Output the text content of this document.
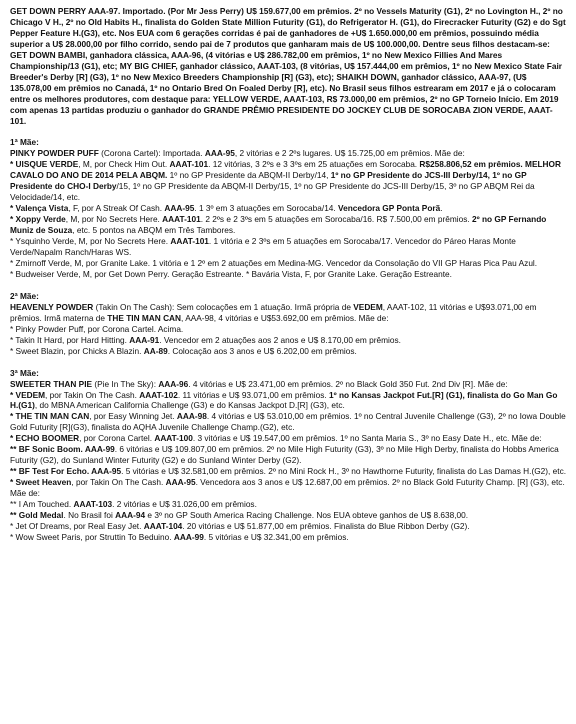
GET DOWN PERRY AAA-97. Importado. (Por Mr Jess Perry) U$ 159.677,00 em prêmios. 2º no Vessels Maturity (G1), 2º no Lovington H., 2º no Chicago V H., 2º no Old Habits H., finalista do Golden State Million Futurity (G1), do Refrigerator H. (G1), do Firecracker Futurity (G2) e do Sgt Pepper Feature H.(G3), etc. Nos EUA com 6 gerações corridas é pai de ganhadores de +U$ 1.650.000,00 em prêmios, possuindo média superior a U$ 28.000,00 por filho corrido, sendo pai de 7 produtos que ganharam mais de U$ 100.000,00. Dentre seus filhos destacam-se: GET DOWN BAMBI, ganhadora clássica, AAA-96, (4 vitórias e U$ 286.782,00 em prêmios, 1º no New Mexico Fillies And Mares Championship/13 (G1), etc; MY BIG CHIEF, ganhador clássico, AAAT-103, (8 vitórias, U$ 157.444,00 em prêmios, 1º no New Mexico State Fair Breeder's Derby [R] (G3), 1º no New Mexico Breeders Championship [R] (G3), etc); SHAIKH DOWN, ganhador clássico, AAA-97, (U$ 135.078,00 em prêmios no Canadá, 1º no Ontario Bred On Foaled Derby [R], etc). No Brasil seus filhos estrearam em 2017 e já o colocaram entre os melhores produtores, com destaque para: YELLOW VERDE, AAAT-103, R$ 73.000,00 em prêmios, 2º no GP Torneio Início. Em 2019 com apenas 13 partidas produziu o ganhador do GRANDE PRÊMIO PRESIDENTE DO JOCKEY CLUB DE SOROCABA ZION VERDE, AAAT-101.

1ª Mãe:

PINKY POWDER PUFF (Corona Cartel): Importada. AAA-95, 2 vitórias e 2 2ºs lugares. U$ 15.725,00 em prêmios. Mãe de:

* UISQUE VERDE, M, por Check Him Out. AAAT-101. 12 vitórias, 3 2ºs e 3 3ºs em 25 atuações em Sorocaba. R$258.806,52 em prêmios. MELHOR CAVALO DO ANO DE 2014 PELA ABQM. 1º no GP Presidente da ABQM-II Derby/14, 1º no GP Presidente do JCS-III Derby/14, 1º no GP Presidente do CHO-I Derby/15, 1º no GP Presidente da ABQM-II Derby/15, 1º no GP Presidente do JCS-III Derby/15, 3º no GP ABQM Rei da Velocidade/14, etc.

* Valença Vista, F, por A Streak Of Cash. AAA-95. 1 3º em 3 atuações em Sorocaba/14. Vencedora GP Ponta Porã.

* Xoppy Verde, M, por No Secrets Here. AAAT-101. 2 2ºs e 2 3ºs em 5 atuações em Sorocaba/16. R$ 7.500,00 em prêmios. 2º no GP Fernando Muniz de Souza, etc. 5 pontos na ABQM em Três Tambores.

* Ysquinho Verde, M, por No Secrets Here. AAAT-101. 1 vitória e 2 3ºs em 5 atuações em Sorocaba/17. Vencedor do Páreo Haras Monte Verde/Napalm Ranch/Haras WS.

* Zmirnoff Verde, M, por Granite Lake. 1 vitória e 1 2º em 2 atuações em Medina-MG. Vencedor da Consolação do VII GP Haras Pica Pau Azul.

* Budweiser Verde, M, por Get Down Perry. Geração Estreante. * Bavária Vista, F, por Granite Lake. Geração Estreante.

2ª Mãe:

HEAVENLY POWDER (Takin On The Cash): Sem colocações em 1 atuação. Irmã própria de VEDEM, AAAT-102, 11 vitórias e U$93.071,00 em prêmios. Irmã materna de THE TIN MAN CAN, AAA-98, 4 vitórias e U$53.692,00 em prêmios. Mãe de:

* Pinky Powder Puff, por Corona Cartel. Acima.

* Takin It Hard, por Hard Hitting. AAA-91. Vencedor em 2 atuações aos 2 anos e U$ 8.170,00 em prêmios.

* Sweet Blazin, por Chicks A Blazin. AA-89. Colocação aos 3 anos e U$ 6.202,00 em prêmios.

3ª Mãe:

SWEETER THAN PIE (Pie In The Sky): AAA-96. 4 vitórias e U$ 23.471,00 em prêmios. 2º no Black Gold 350 Fut. 2nd Div [R]. Mãe de:

* VEDEM, por Takin On The Cash. AAAT-102. 11 vitórias e U$ 93.071,00 em prêmios. 1º no Kansas Jackpot Fut.[R] (G1), finalista do Go Man Go H.(G1), do MBNA American California Challenge (G3) e do Kansas Jackpot D.[R] (G3), etc.

* THE TIN MAN CAN, por Easy Winning Jet. AAA-98. 4 vitórias e U$ 53.010,00 em prêmios. 1º no Central Juvenile Challenge (G3), 2º no Iowa Double Gold Futurity [R](G3), finalista do AQHA Juvenile Challenge Champ.(G2), etc.

* ECHO BOOMER, por Corona Cartel. AAAT-100. 3 vitórias e U$ 19.547,00 em prêmios. 1º no Santa Maria S., 3º no Easy Date H., etc. Mãe de:

** BF Sonic Boom. AAA-99. 6 vitórias e U$ 109.807,00 em prêmios. 2º no Mile High Futurity (G3), 3º no Mile High Derby, finalista do Hobbs America Futurity (G2), do Sunland Winter Futurity (G2) e do Sunland Winter Derby (G2).

** BF Test For Echo. AAA-95. 5 vitórias e U$ 32.581,00 em prêmios. 2º no Mini Rock H., 3º no Hawthorne Futurity, finalista do Las Damas H.(G2), etc.

* Sweet Heaven, por Takin On The Cash. AAA-95. Vencedora aos 3 anos e U$ 12.687,00 em prêmios. 2º no Black Gold Futurity Champ. [R] (G3), etc. Mãe de:

** I Am Touched. AAAT-103. 2 vitórias e U$ 31.026,00 em prêmios.

** Gold Medal. No Brasil foi AAA-94 e 3º no GP South America Racing Challenge. Nos EUA obteve ganhos de U$ 8.638,00.

* Jet Of Dreams, por Real Easy Jet. AAAT-104. 20 vitórias e U$ 51.877,00 em prêmios. Finalista do Blue Ribbon Derby (G2).

* Wow Sweet Paris, por Struttin To Beduino. AAA-99. 5 vitórias e U$ 32.341,00 em prêmios.
